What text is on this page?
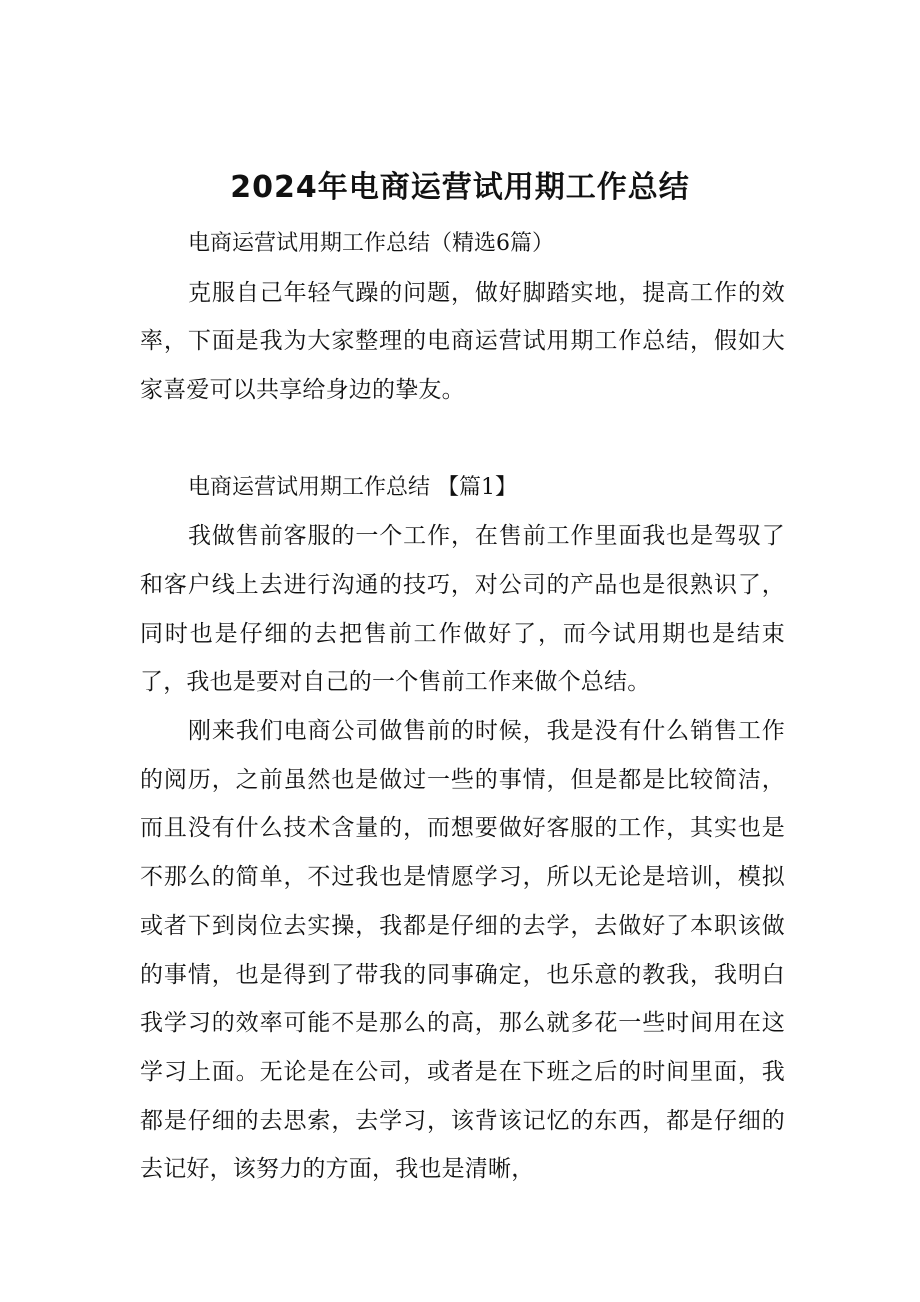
2024年电商运营试用期工作总结

电商运营试用期工作总结（精选6篇）

克服自己年轻气躁的问题，做好脚踏实地，提高工作的效率，下面是我为大家整理的电商运营试用期工作总结，假如大家喜爱可以共享给身边的挚友。

电商运营试用期工作总结 【篇1】

我做售前客服的一个工作，在售前工作里面我也是驾驭了和客户线上去进行沟通的技巧，对公司的产品也是很熟识了，同时也是仔细的去把售前工作做好了，而今试用期也是结束了，我也是要对自己的一个售前工作来做个总结。

刚来我们电商公司做售前的时候，我是没有什么销售工作的阅历，之前虽然也是做过一些的事情，但是都是比较简洁，而且没有什么技术含量的，而想要做好客服的工作，其实也是不那么的简单，不过我也是情愿学习，所以无论是培训，模拟或者下到岗位去实操，我都是仔细的去学，去做好了本职该做的事情，也是得到了带我的同事确定，也乐意的教我，我明白我学习的效率可能不是那么的高，那么就多花一些时间用在这学习上面。无论是在公司，或者是在下班之后的时间里面，我都是仔细的去思索，去学习，该背该记忆的东西，都是仔细的去记好，该努力的方面，我也是清晰，
